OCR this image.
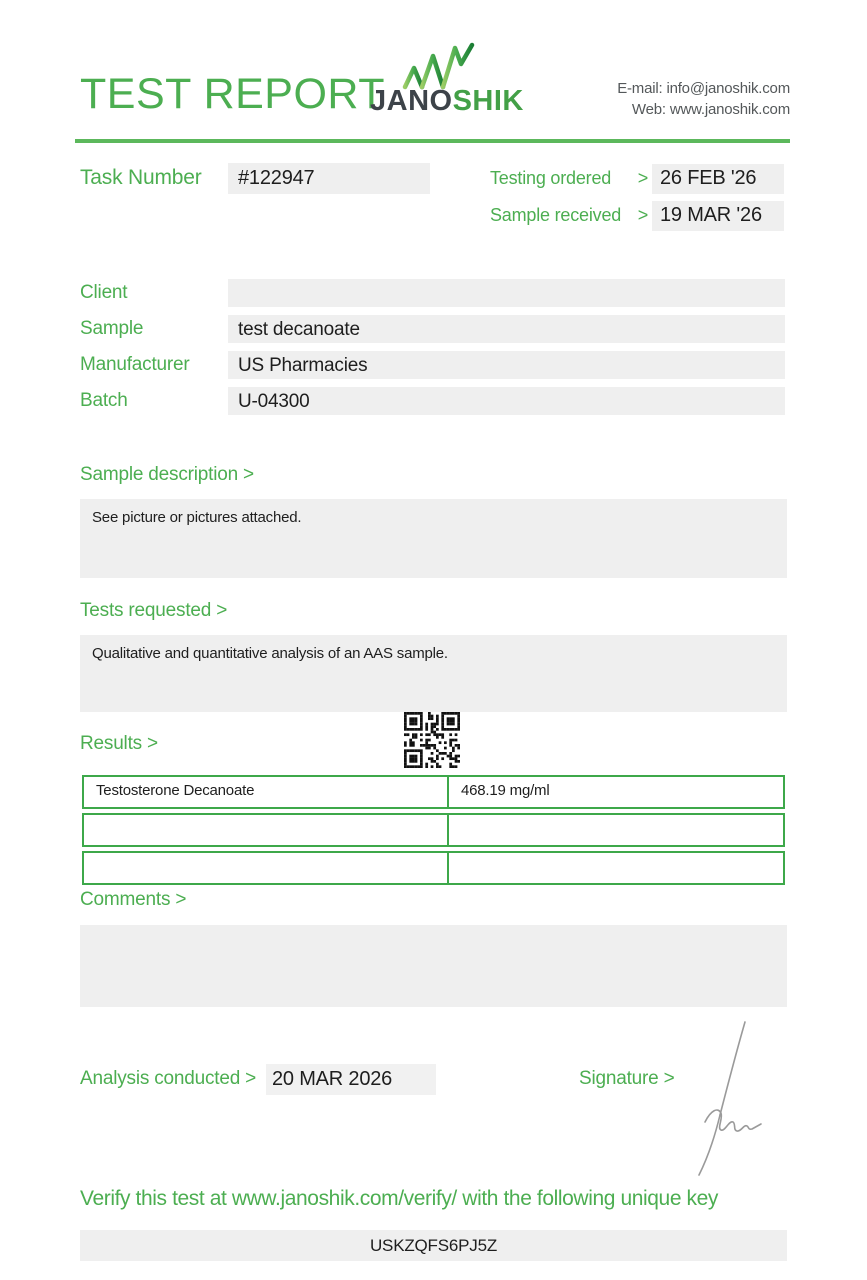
TEST REPORT
JANOSHIK	E-mail: info@janoshik.com
Web: www.janoshik.com
Task Number	#122947	Testing ordered > 26 FEB '26
Sample received > 19 MAR '26
Client
Sample	test decanoate
Manufacturer	US Pharmacies
Batch	U-04300
Sample description >
See picture or pictures attached.
Tests requested >
Qualitative and quantitative analysis of an AAS sample.
Results >
Testosterone Decanoate	468.19 mg/ml
Comments >
Analysis conducted > 20 MAR 2026	Signature >
Verify this test at www.janoshik.com/verify/ with the following unique key
USKZQFS6PJ5Z
